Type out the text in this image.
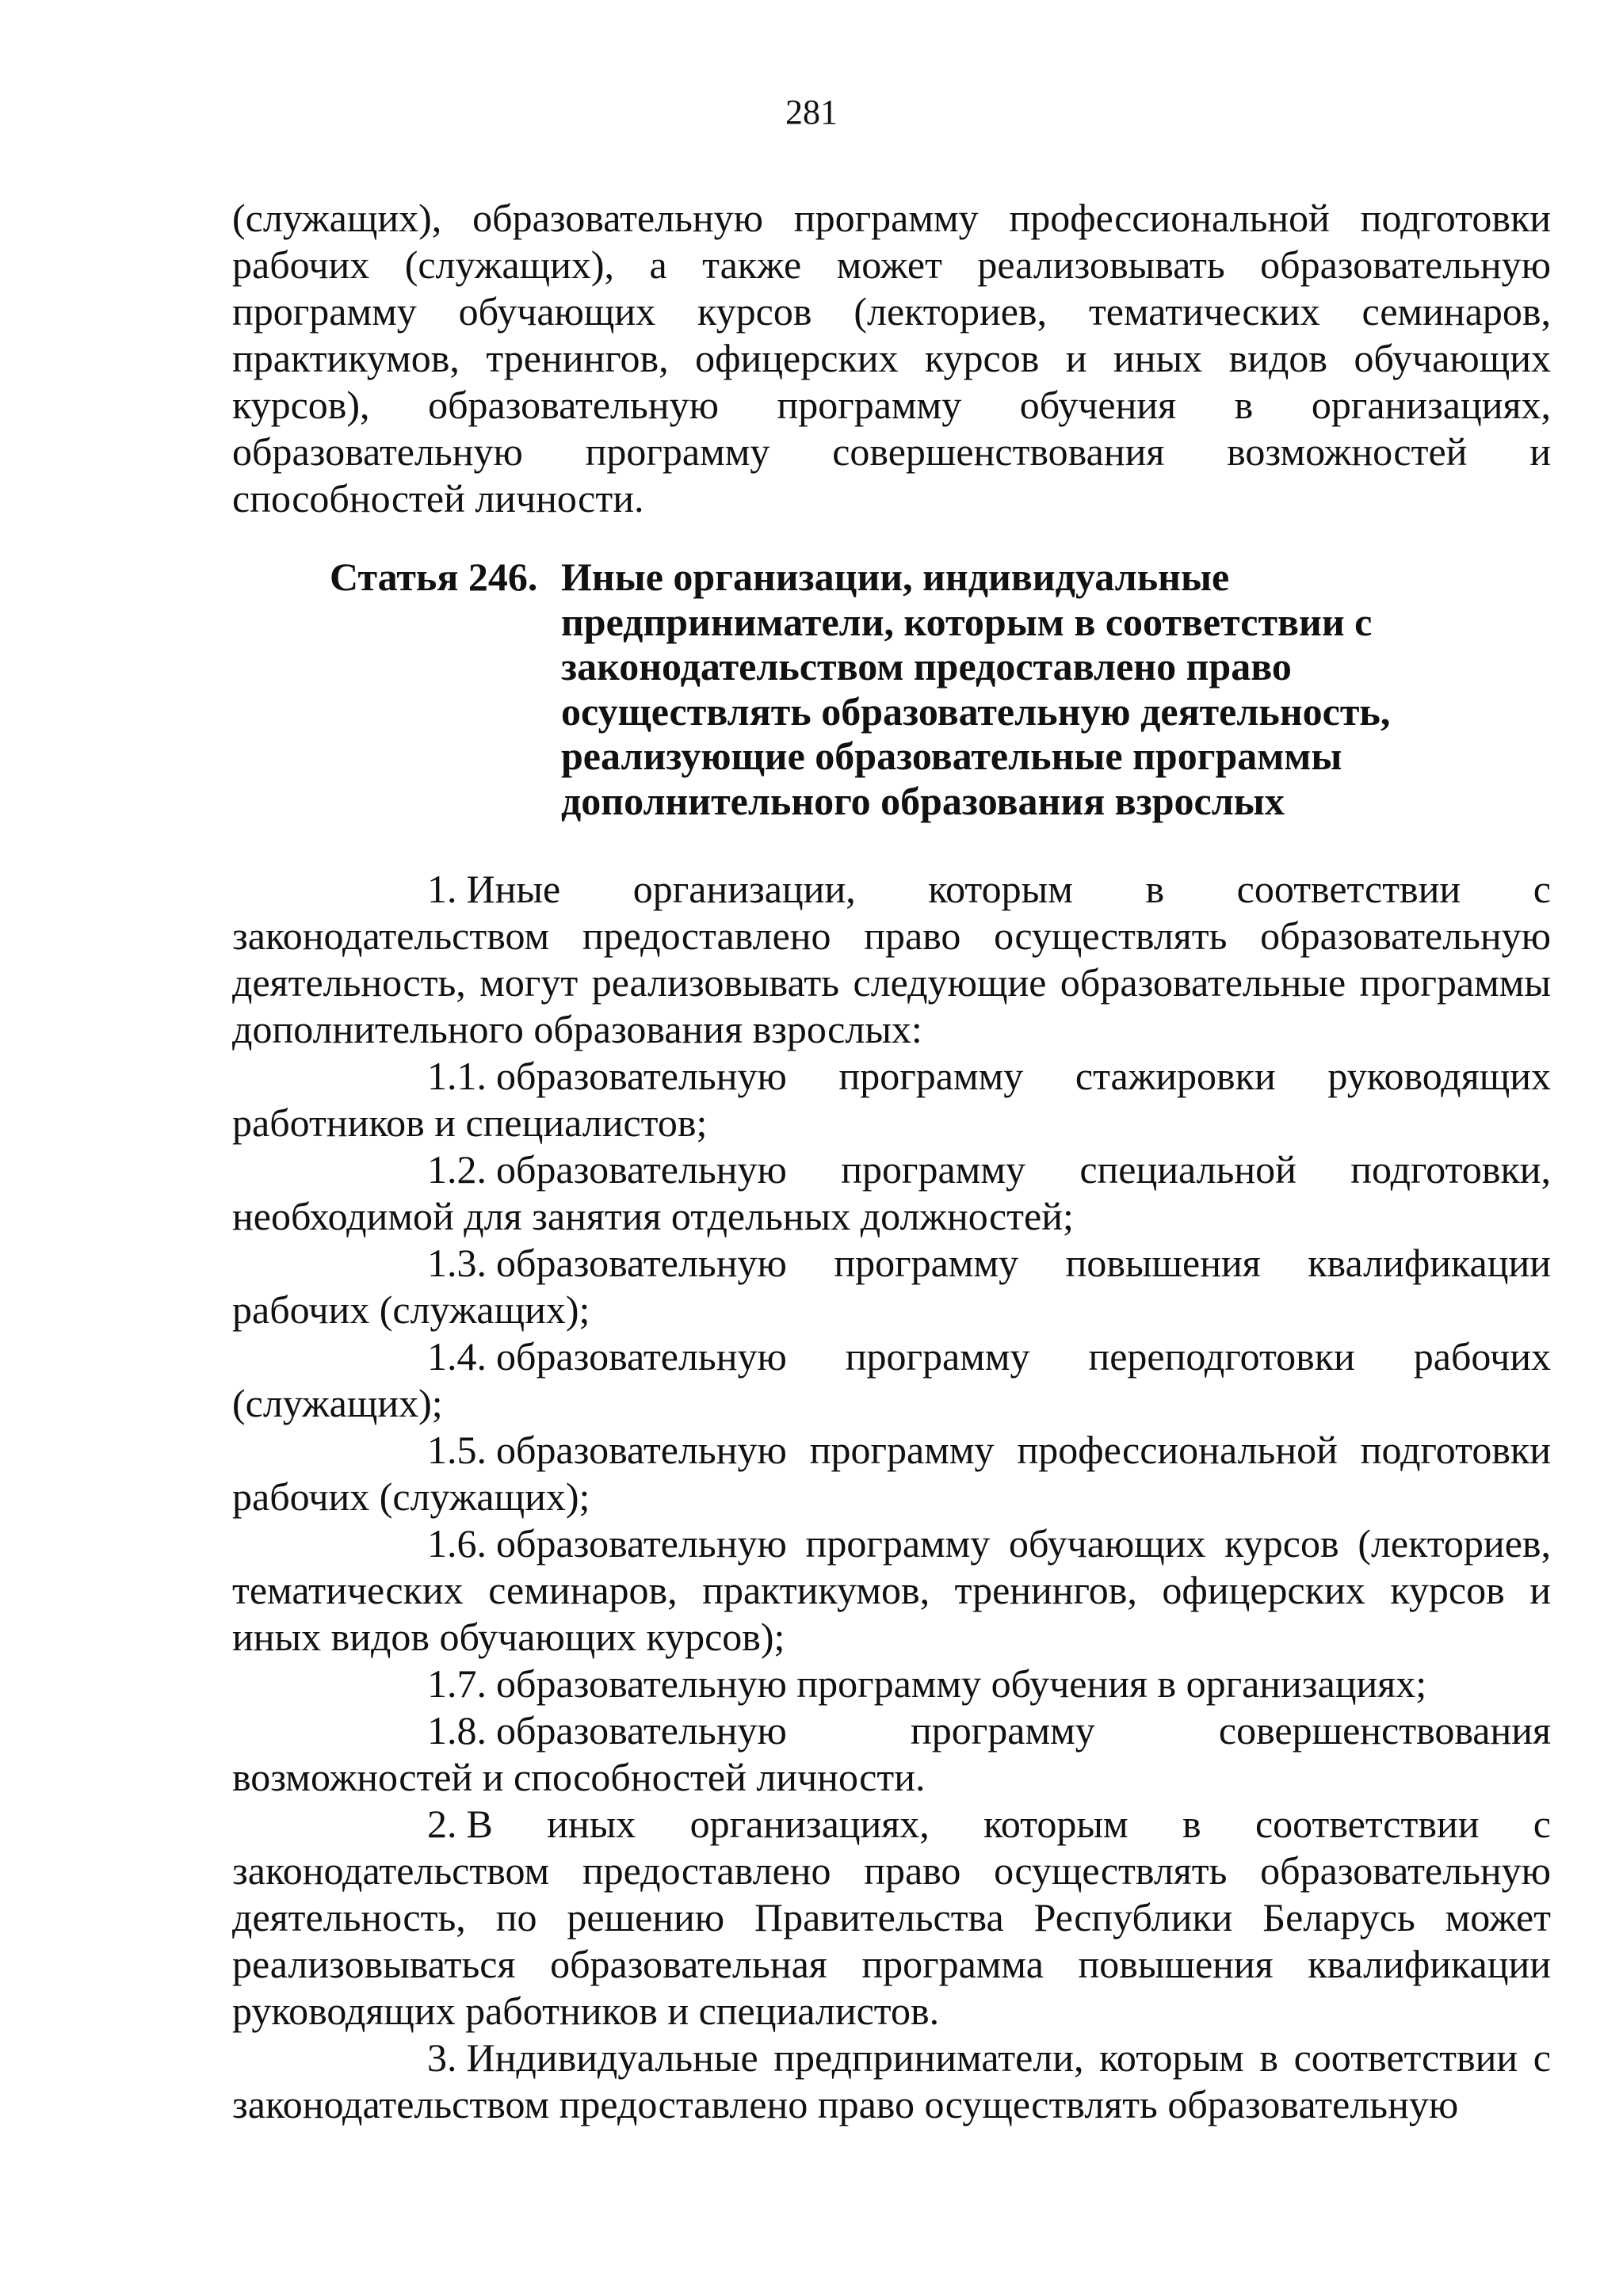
281

(служащих), образовательную программу профессиональной подготовки рабочих (служащих), а также может реализовывать образовательную программу обучающих курсов (лекториев, тематических семинаров, практикумов, тренингов, офицерских курсов и иных видов обучающих курсов), образовательную программу обучения в организациях, образовательную программу совершенствования возможностей и способностей личности.

Статья 246. Иные организации, индивидуальные предприниматели, которым в соответствии с законодательством предоставлено право осуществлять образовательную деятельность, реализующие образовательные программы дополнительного образования взрослых

1. Иные организации, которым в соответствии с законодательством предоставлено право осуществлять образовательную деятельность, могут реализовывать следующие образовательные программы дополнительного образования взрослых:

1.1. образовательную программу стажировки руководящих работников и специалистов;

1.2. образовательную программу специальной подготовки, необходимой для занятия отдельных должностей;

1.3. образовательную программу повышения квалификации рабочих (служащих);

1.4. образовательную программу переподготовки рабочих (служащих);

1.5. образовательную программу профессиональной подготовки рабочих (служащих);

1.6. образовательную программу обучающих курсов (лекториев, тематических семинаров, практикумов, тренингов, офицерских курсов и иных видов обучающих курсов);

1.7. образовательную программу обучения в организациях;

1.8. образовательную программу совершенствования возможностей и способностей личности.

2. В иных организациях, которым в соответствии с законодательством предоставлено право осуществлять образовательную деятельность, по решению Правительства Республики Беларусь может реализовываться образовательная программа повышения квалификации руководящих работников и специалистов.

3. Индивидуальные предприниматели, которым в соответствии с законодательством предоставлено право осуществлять образовательную
